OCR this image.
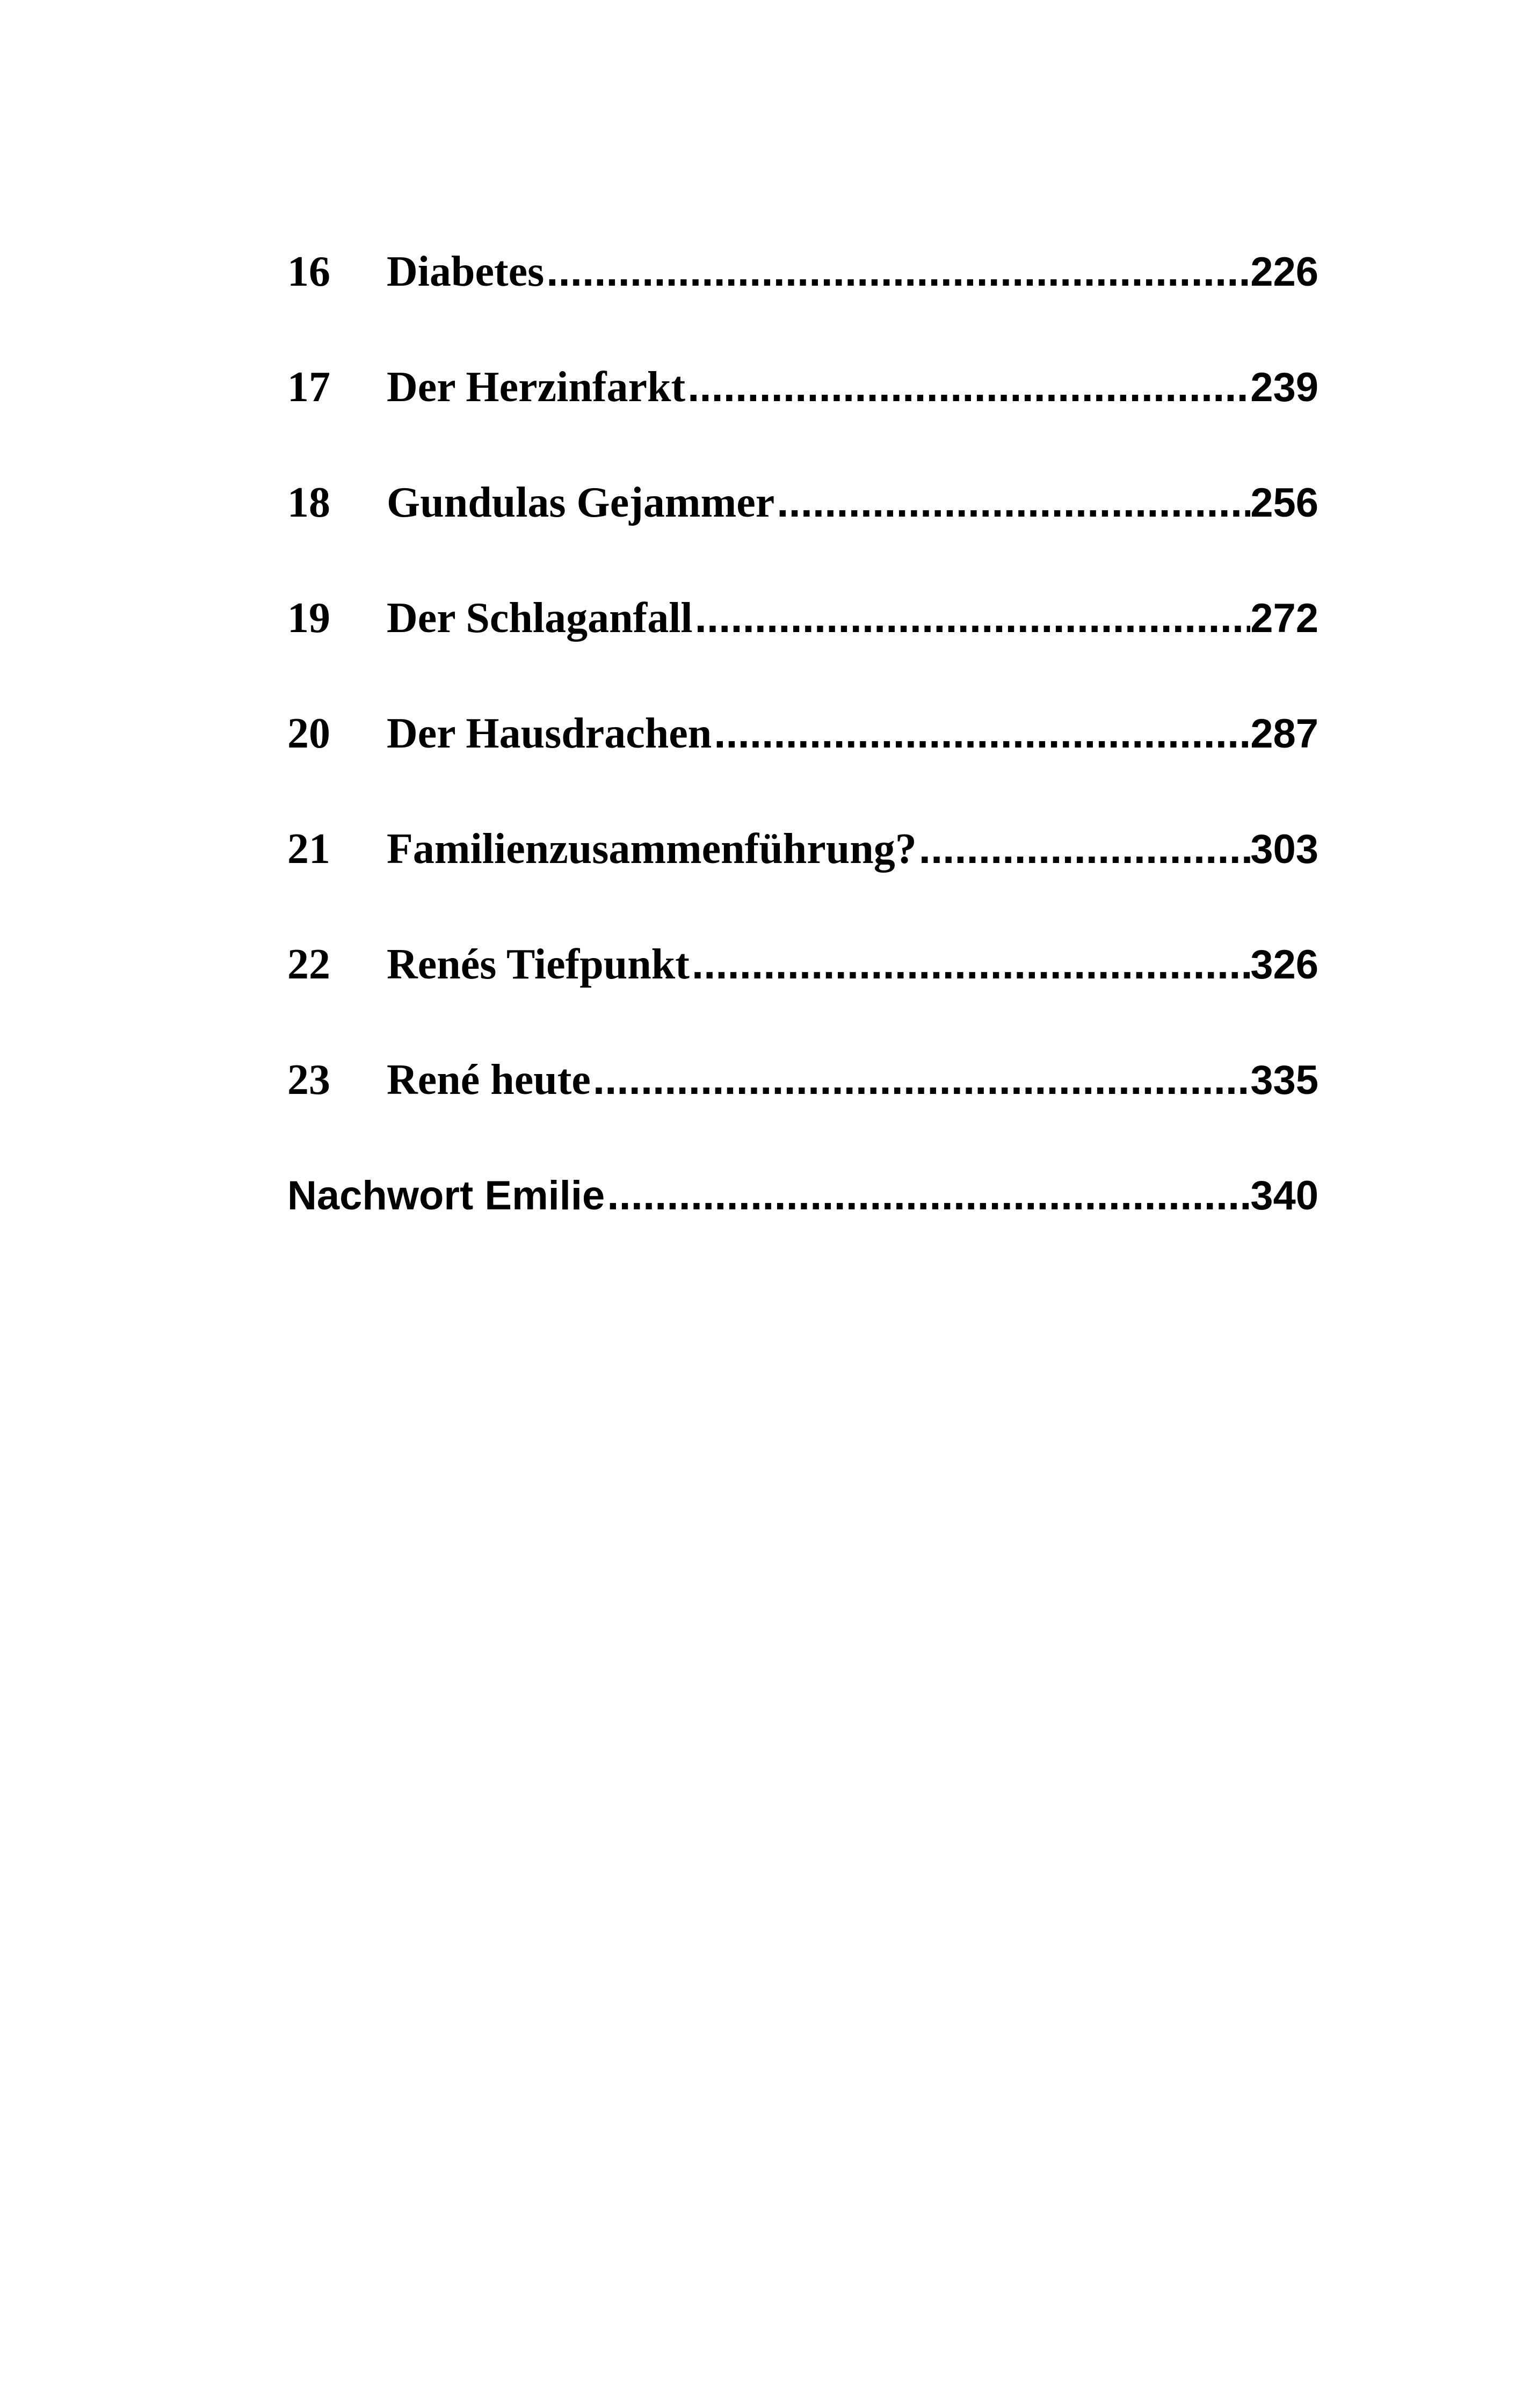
16	Diabetes .....	226
17	Der Herzinfarkt .....	239
18	Gundulas Gejammer .....	256
19	Der Schlaganfall .....	272
20	Der Hausdrachen .....	287
21	Familienzusammenführung? .....	303
22	Renés Tiefpunkt .....	326
23	René heute .....	335
Nachwort Emilie .....	340
